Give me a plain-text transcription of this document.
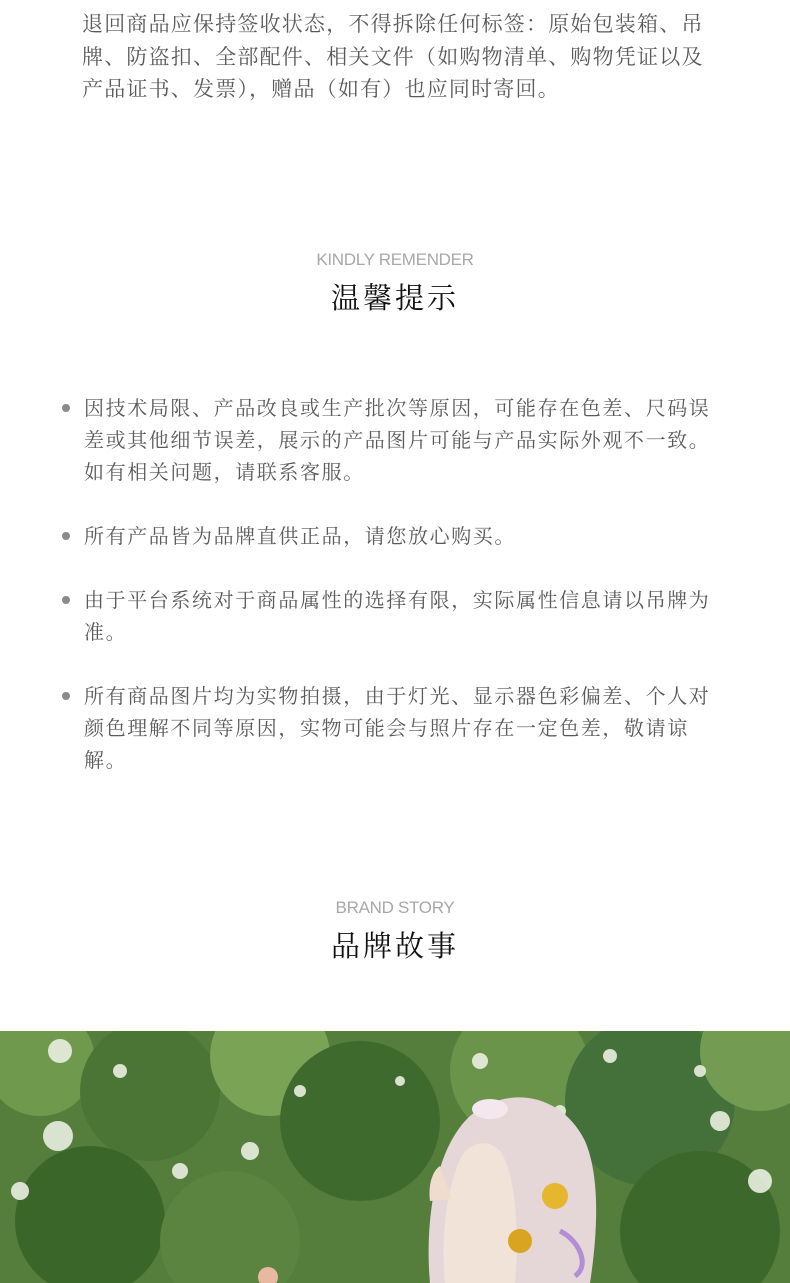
退回商品应保持签收状态，不得拆除任何标签：原始包装箱、吊牌、防盗扣、全部配件、相关文件（如购物清单、购物凭证以及产品证书、发票），赠品（如有）也应同时寄回。
KINDLY REMENDER
温馨提示
因技术局限、产品改良或生产批次等原因，可能存在色差、尺码误差或其他细节误差，展示的产品图片可能与产品实际外观不一致。如有相关问题，请联系客服。
所有产品皆为品牌直供正品，请您放心购买。
由于平台系统对于商品属性的选择有限，实际属性信息请以吊牌为准。
所有商品图片均为实物拍摄，由于灯光、显示器色彩偏差、个人对颜色理解不同等原因，实物可能会与照片存在一定色差，敬请谅解。
BRAND STORY
品牌故事
